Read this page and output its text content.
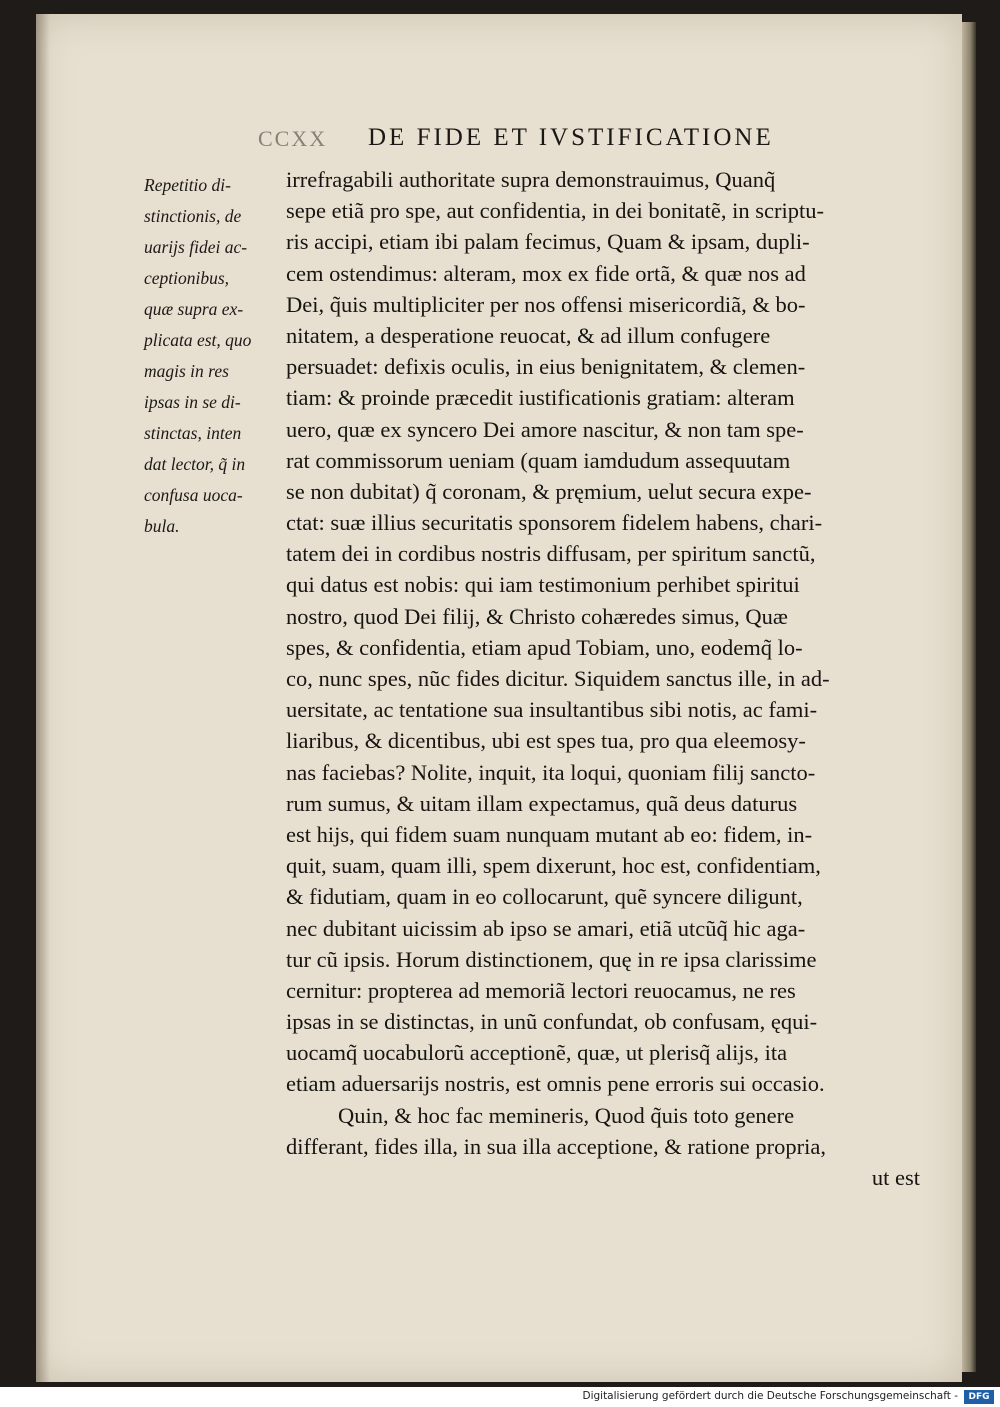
CCXX	DE FIDE ET IVSTIFICATIONE
Repetitio di-
stinctionis, de
uarijs fidei ac-
ceptionibus,
quæ supra ex-
plicata est, quo
magis in res
ipsas in se di-
stinctas, inten
dat lector, q̃ in
confusa uoca-
bula.
irrefragabili authoritate supra demonstrauimus, Quanq̃
sepe etiã pro spe, aut confidentia, in dei bonitatẽ, in scriptu-
ris accipi, etiam ibi palam fecimus, Quam & ipsam, dupli-
cem ostendimus: alteram, mox ex fide ortã, & quæ nos ad
Dei, q̃uis multipliciter per nos offensi misericordiã, & bo-
nitatem, a desperatione reuocat, & ad illum confugere
persuadet: defixis oculis, in eius benignitatem, & clemen-
tiam: & proinde præcedit iustificationis gratiam: alteram
uero, quæ ex syncero Dei amore nascitur, & non tam spe-
rat commissorum ueniam (quam iamdudum assequutam
se non dubitat) q̃ coronam, & pręmium, uelut secura expe-
ctat: suæ illius securitatis sponsorem fidelem habens, chari-
tatem dei in cordibus nostris diffusam, per spiritum sanctũ,
qui datus est nobis: qui iam testimonium perhibet spiritui
nostro, quod Dei filij, & Christo cohæredes simus, Quæ
spes, & confidentia, etiam apud Tobiam, uno, eodemq̃ lo-
co, nunc spes, nũc fides dicitur. Siquidem sanctus ille, in ad-
uersitate, ac tentatione sua insultantibus sibi notis, ac fami-
liaribus, & dicentibus, ubi est spes tua, pro qua eleemosy-
nas faciebas? Nolite, inquit, ita loqui, quoniam filij sancto-
rum sumus, & uitam illam expectamus, quã deus daturus
est hijs, qui fidem suam nunquam mutant ab eo: fidem, in-
quit, suam, quam illi, spem dixerunt, hoc est, confidentiam,
& fidutiam, quam in eo collocarunt, quẽ syncere diligunt,
nec dubitant uicissim ab ipso se amari, etiã utcũq̃ hic aga-
tur cũ ipsis. Horum distinctionem, quę in re ipsa clarissime
cernitur: propterea ad memoriã lectori reuocamus, ne res
ipsas in se distinctas, in unũ confundat, ob confusam, ęqui-
uocamq̃ uocabulorũ acceptionẽ, quæ, ut plerisq̃ alijs, ita
etiam aduersarijs nostris, est omnis pene erroris sui occasio.
Quin, & hoc fac memineris, Quod q̃uis toto genere
differant, fides illa, in sua illa acceptione, & ratione propria,
ut est
Digitalisierung gefördert durch die Deutsche Forschungsgemeinschaft -	DFG
